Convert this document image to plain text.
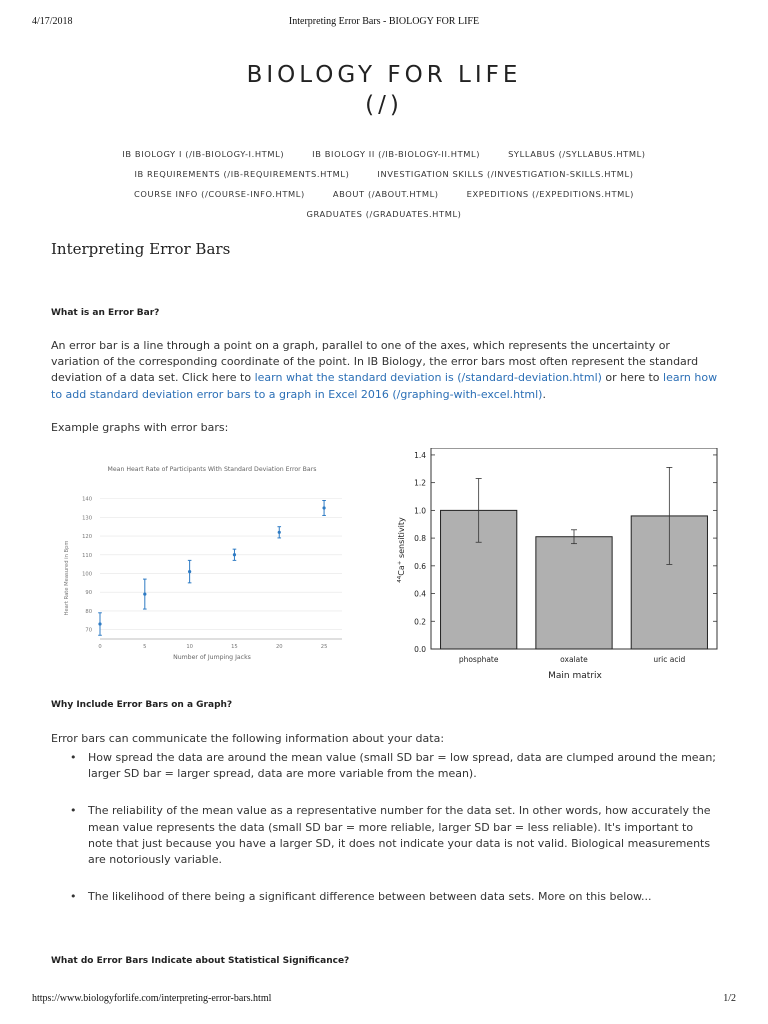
4/17/2018	Interpreting Error Bars - BIOLOGY FOR LIFE
BIOLOGY FOR LIFE
(/)
IB BIOLOGY I (/IB-BIOLOGY-I.HTML)	IB BIOLOGY II (/IB-BIOLOGY-II.HTML)	SYLLABUS (/SYLLABUS.HTML)
IB REQUIREMENTS (/IB-REQUIREMENTS.HTML)	INVESTIGATION SKILLS (/INVESTIGATION-SKILLS.HTML)
COURSE INFO (/COURSE-INFO.HTML)	ABOUT (/ABOUT.HTML)	EXPEDITIONS (/EXPEDITIONS.HTML)
GRADUATES (/GRADUATES.HTML)
Interpreting Error Bars

What is an Error Bar?

An error bar is a line through a point on a graph, parallel to one of the axes, which represents the uncertainty or variation of the corresponding coordinate of the point. In IB Biology, the error bars most often represent the standard deviation of a data set. Click here to learn what the standard deviation is (/standard-deviation.html) or here to learn how to add standard deviation error bars to a graph in Excel 2016 (/graphing-with-excel.html).

Example graphs with error bars:

Mean Heart Rate of Participants With Standard Deviation Error Bars
70
80
90
100
110
120
130
140
0	5	10	15	20	25
Heart Rate Measured in Bpm
Number of Jumping Jacks
0.0
0.2
0.4
0.6
0.8
1.0
1.2
1.4
phosphate	oxalate	uric acid
$^{44}$Ca+ sensitivity
Main matrix

Why Include Error Bars on a Graph?

Error bars can communicate the following information about your data:

• How spread the data are around the mean value (small SD bar = low spread, data are clumped around the mean; larger SD bar = larger spread, data are more variable from the mean).
• The reliability of the mean value as a representative number for the data set. In other words, how accurately the mean value represents the data (small SD bar = more reliable, larger SD bar = less reliable). It's important to note that just because you have a larger SD, it does not indicate your data is not valid. Biological measurements are notoriously variable.
• The likelihood of there being a significant difference between between data sets. More on this below...

What do Error Bars Indicate about Statistical Significance?

https://www.biologyforlife.com/interpreting-error-bars.html	1/2
